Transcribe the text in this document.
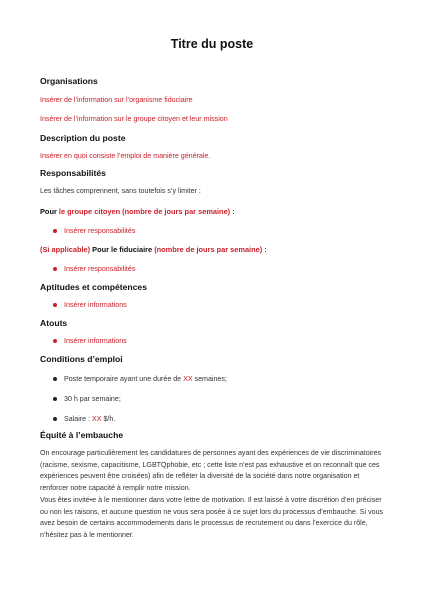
Titre du poste
Organisations
Insérer de l’information sur l’organisme fiduciaire
Insérer de l’information sur le groupe citoyen et leur mission
Description du poste
Insérer en quoi consiste l’emploi de manière générale.
Responsabilités
Les tâches comprennent, sans toutefois s’y limiter :
Pour le groupe citoyen (nombre de jours par semaine) :
Insérer responsabilités
(Si applicable) Pour le fiduciaire (nombre de jours par semaine) :
Insérer responsabilités
Aptitudes et compétences
Insérer informations
Atouts
Insérer informations
Conditions d’emploi
Poste temporaire ayant une durée de XX semaines;
30 h par semaine;
Salaire : XX $/h.
Équité à l’embauche
On encourage particulièrement les candidatures de personnes ayant des expériences de vie discriminatoires (racisme, sexisme, capacitisme, LGBTQphobie, etc ; cette liste n’est pas exhaustive et on reconnaît que ces expériences peuvent être croisées) afin de refléter la diversité de la société dans notre organisation et renforcer notre capacité à remplir notre mission.
Vous êtes invité•e à le mentionner dans votre lettre de motivation. Il est laissé à votre discrétion d’en préciser ou non les raisons, et aucune question ne vous sera posée à ce sujet lors du processus d’embauche. Si vous avez besoin de certains accommodements dans le processus de recrutement ou dans l’exercice du rôle, n’hésitez pas à le mentionner.
